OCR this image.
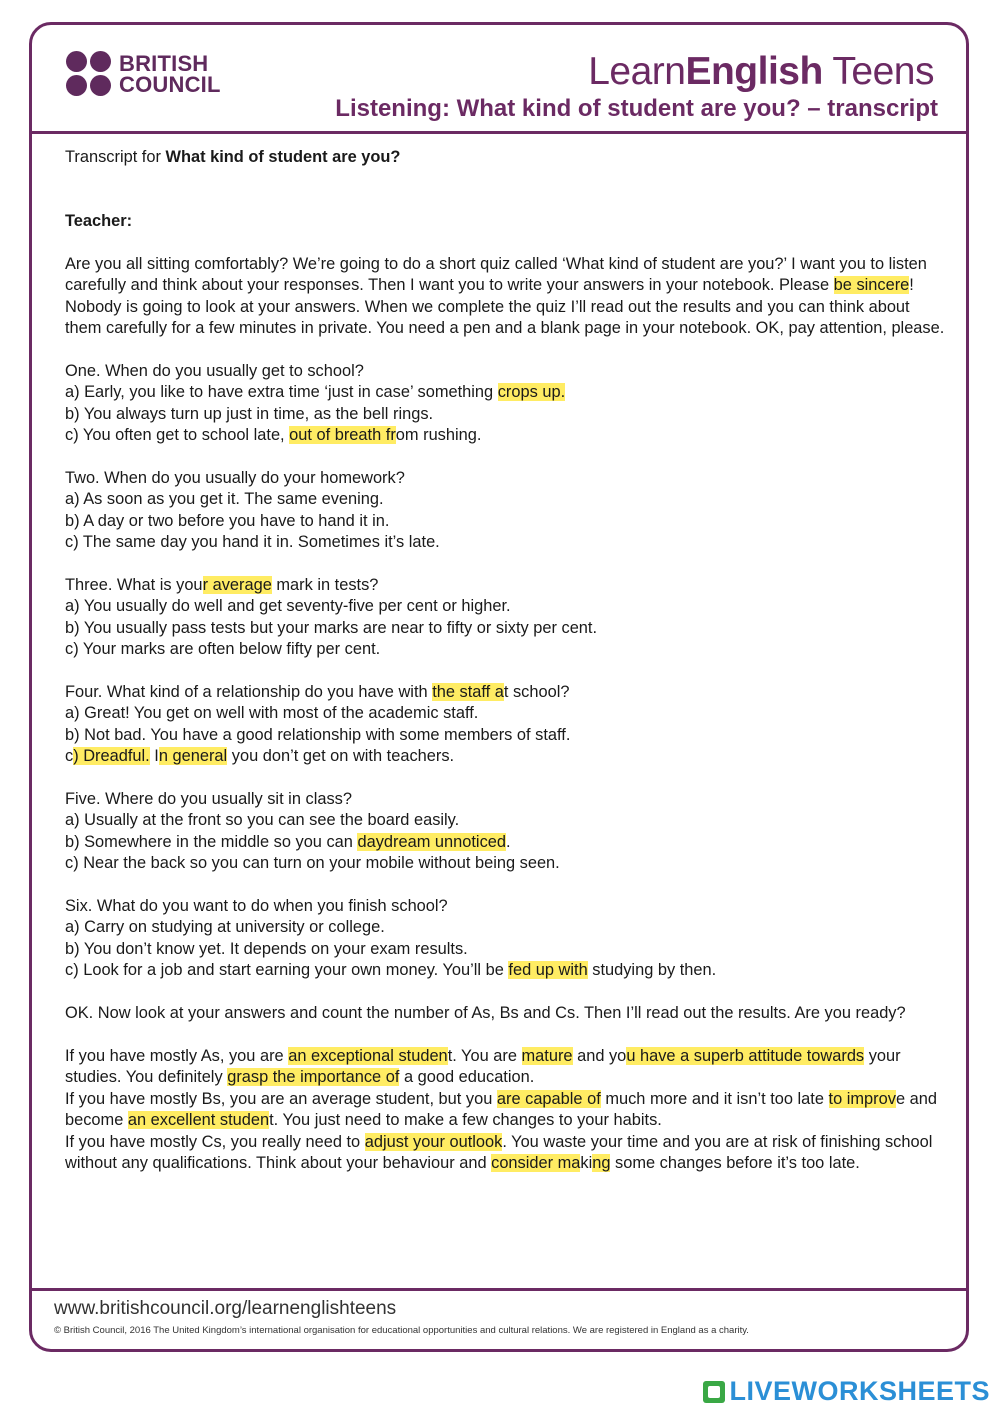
BRITISH
COUNCIL	LearnEnglish Teens
Listening: What kind of student are you? – transcript

Transcript for What kind of student are you?

Teacher:

Are you all sitting comfortably? We’re going to do a short quiz called ‘What kind of student are you?’ I want you to listen carefully and think about your responses. Then I want you to write your answers in your notebook. Please be sincere! Nobody is going to look at your answers. When we complete the quiz I’ll read out the results and you can think about them carefully for a few minutes in private. You need a pen and a blank page in your notebook. OK, pay attention, please.

One. When do you usually get to school?

a) Early, you like to have extra time ‘just in case’ something crops up.

b) You always turn up just in time, as the bell rings.

c) You often get to school late, out of breath from rushing.

Two. When do you usually do your homework?

a) As soon as you get it. The same evening.

b) A day or two before you have to hand it in.

c) The same day you hand it in. Sometimes it’s late.

Three. What is your average mark in tests?

a) You usually do well and get seventy-five per cent or higher.

b) You usually pass tests but your marks are near to fifty or sixty per cent.

c) Your marks are often below fifty per cent.

Four. What kind of a relationship do you have with the staff at school?

a) Great! You get on well with most of the academic staff.

b) Not bad. You have a good relationship with some members of staff.

c) Dreadful. In general you don’t get on with teachers.

Five. Where do you usually sit in class?

a) Usually at the front so you can see the board easily.

b) Somewhere in the middle so you can daydream unnoticed.

c) Near the back so you can turn on your mobile without being seen.

Six. What do you want to do when you finish school?

a) Carry on studying at university or college.

b) You don’t know yet. It depends on your exam results.

c) Look for a job and start earning your own money. You’ll be fed up with studying by then.

OK. Now look at your answers and count the number of As, Bs and Cs. Then I’ll read out the results. Are you ready?

If you have mostly As, you are an exceptional student. You are mature and you have a superb attitude towards your studies. You definitely grasp the importance of a good education.

If you have mostly Bs, you are an average student, but you are capable of much more and it isn’t too late to improve and become an excellent student. You just need to make a few changes to your habits.

If you have mostly Cs, you really need to adjust your outlook. You waste your time and you are at risk of finishing school without any qualifications. Think about your behaviour and consider making some changes before it’s too late.

www.britishcouncil.org/learnenglishteens
© British Council, 2016 The United Kingdom’s international organisation for educational opportunities and cultural relations. We are registered in England as a charity.
LIVEWORKSHEETS
